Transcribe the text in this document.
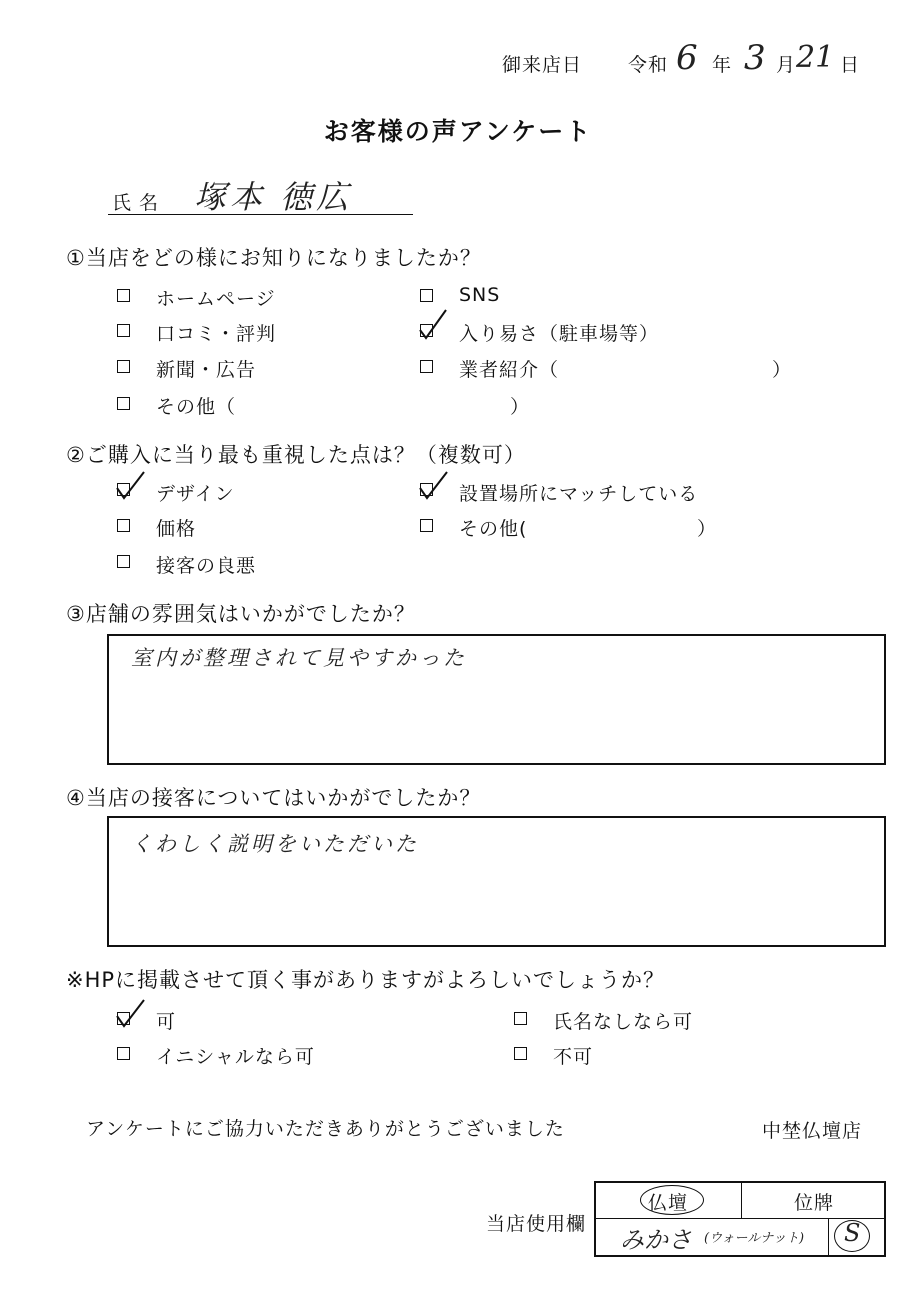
御来店日 令和 6 年 3 月 21 日
お客様の声アンケート
氏 名 塚本 徳広
①当店をどの様にお知りになりましたか？
ホームページ	SNS
口コミ・評判	入り易さ（駐車場等）
新聞・広告	業者紹介（	）
その他（	）
②ご購入に当り最も重視した点は？（複数可）
デザイン	設置場所にマッチしている
価格	その他(	）
接客の良悪
③店舗の雰囲気はいかがでしたか？
室内が整理されて見やすかった
④当店の接客についてはいかがでしたか？
くわしく説明をいただいた
※HPに掲載させて頂く事がありますがよろしいでしょうか？
可	氏名なしなら可
イニシャルなら可	不可
アンケートにご協力いただきありがとうございました	中埜仏壇店
当店使用欄
仏壇	位牌
みかさ (ウォールナット) S
